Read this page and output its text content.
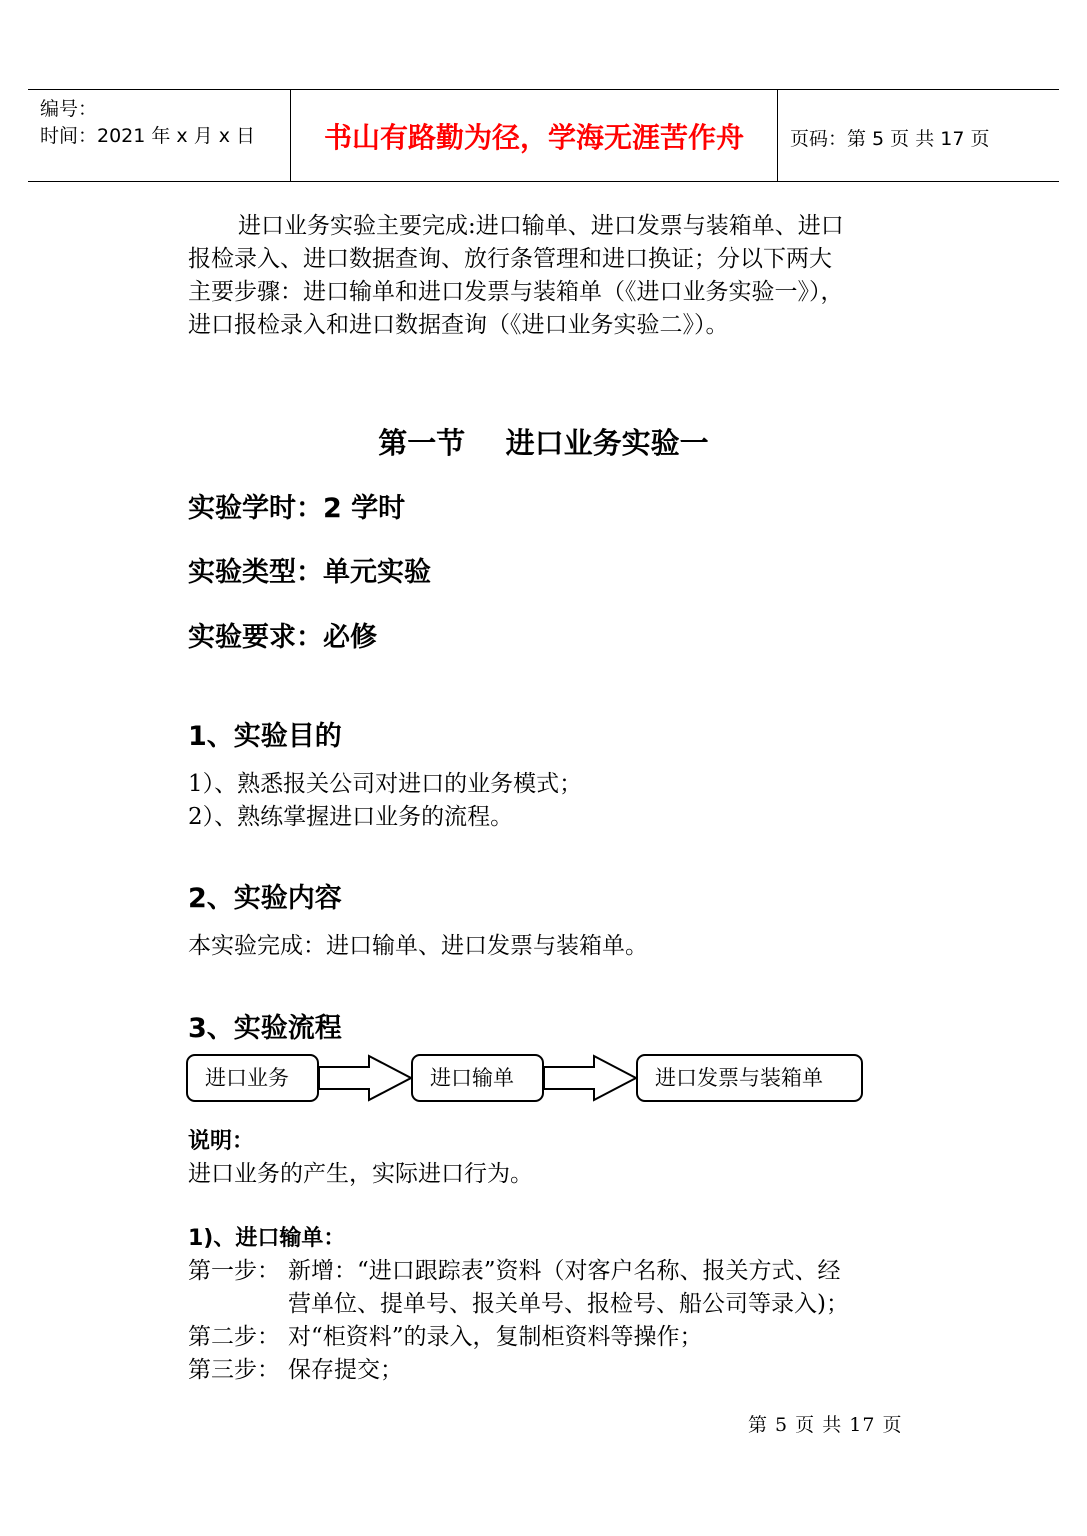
编号：
时间：2021 年 x 月 x 日	书山有路勤为径，学海无涯苦作舟	页码：第 5 页 共 17 页
进口业务实验主要完成:进口输单、进口发票与装箱单、进口
报检录入、进口数据查询、放行条管理和进口换证；分以下两大
主要步骤：进口输单和进口发票与装箱单（《进口业务实验一》），
进口报检录入和进口数据查询（《进口业务实验二》）。
第一节    进口业务实验一
实验学时：2 学时
实验类型：单元实验
实验要求：必修
1、实验目的
1）、熟悉报关公司对进口的业务模式；
2）、熟练掌握进口业务的流程。
2、实验内容
本实验完成：进口输单、进口发票与装箱单。
3、实验流程
进口业务	进口输单	进口发票与装箱单
说明：
进口业务的产生，实际进口行为。
1)、进口输单：
第一步： 新增：“进口跟踪表”资料（对客户名称、报关方式、经
营单位、提单号、报关单号、报检号、船公司等录入)；
第二步： 对“柜资料”的录入，复制柜资料等操作；
第三步： 保存提交；
第 5 页 共 17 页
